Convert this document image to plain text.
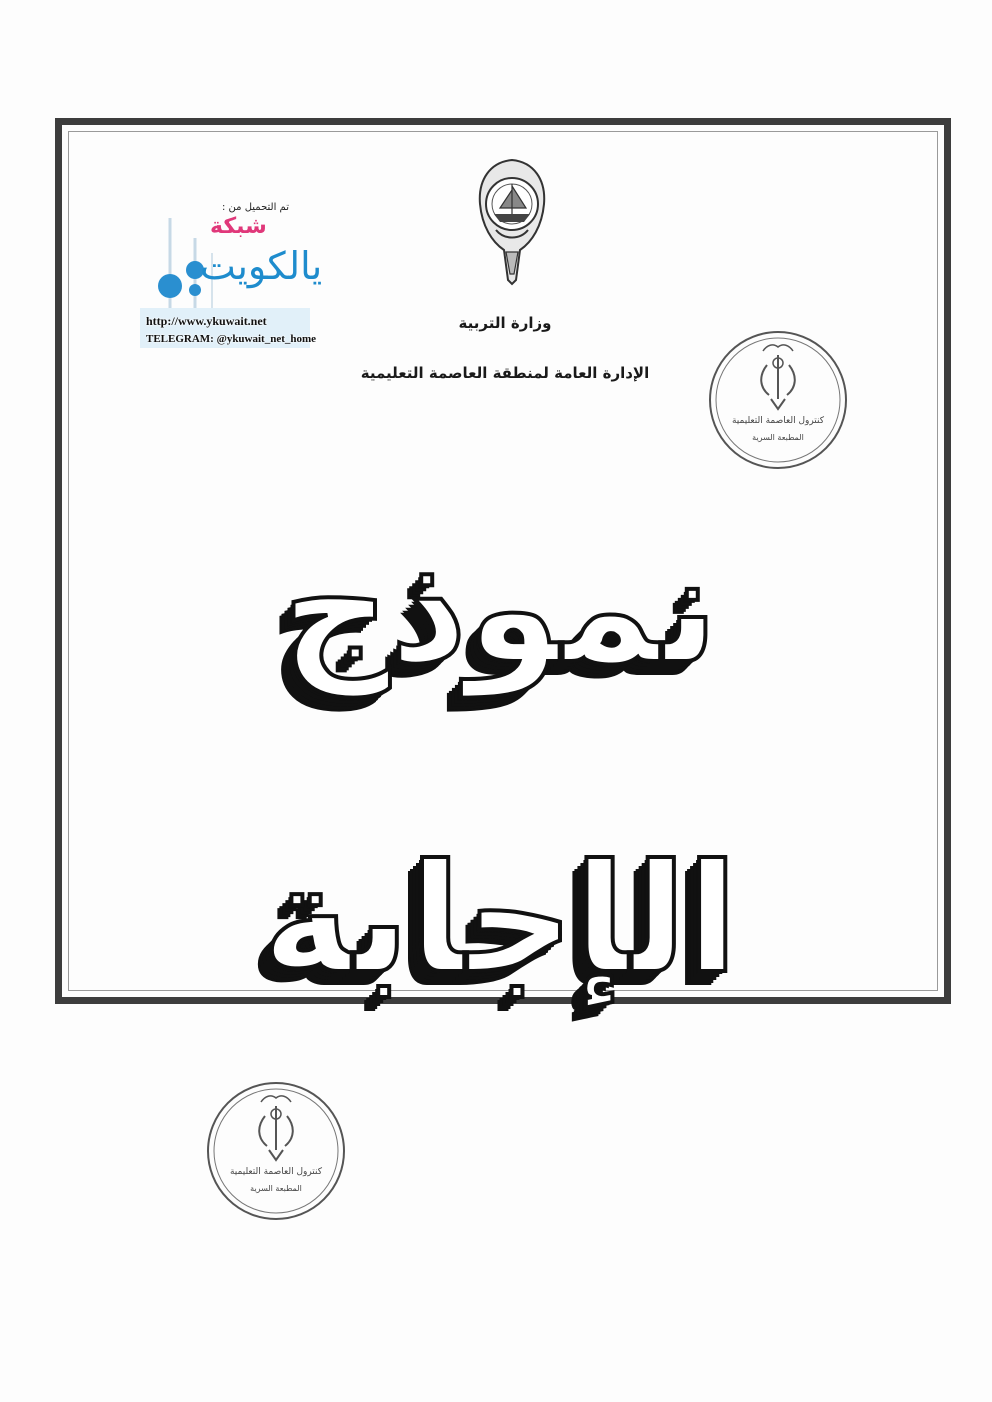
وزارة التربية
الإدارة العامة لمنطقة العاصمة التعليمية
تم التحميل من :
شبكة
يالكويت
http://www.ykuwait.net
TELEGRAM: @ykuwait_net_home
كنترول العاصمة التعليمية
المطبعة السرية
نموذج
الإجابة
كنترول العاصمة التعليمية
المطبعة السرية
